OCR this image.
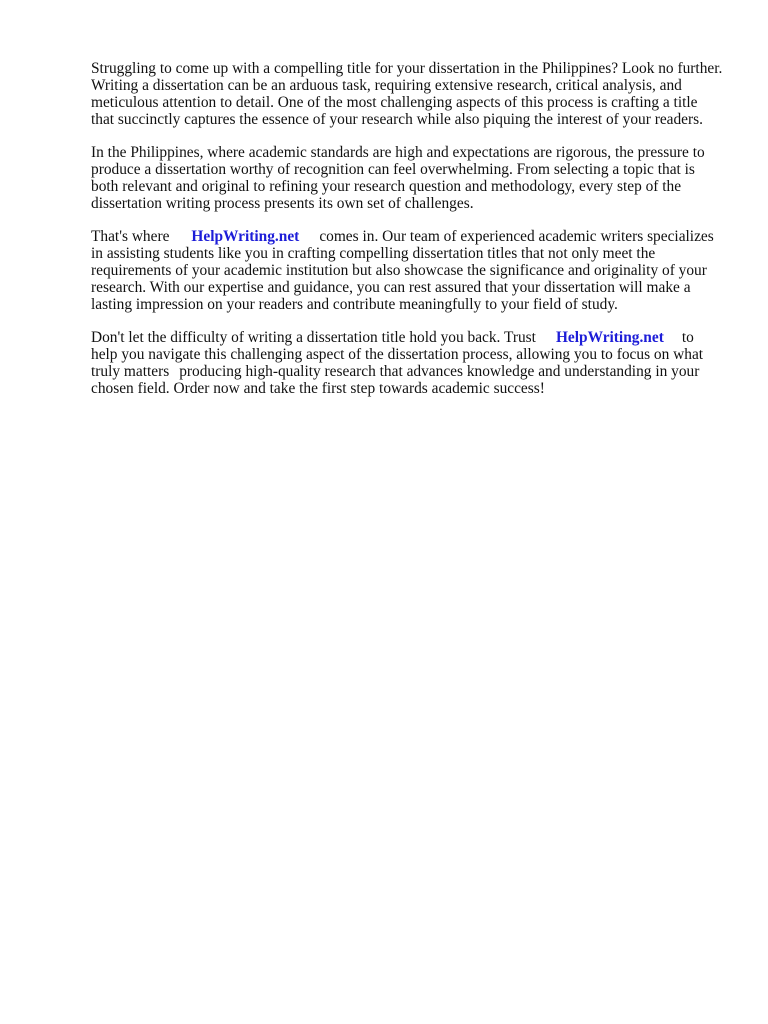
Struggling to come up with a compelling title for your dissertation in the Philippines? Look no further. Writing a dissertation can be an arduous task, requiring extensive research, critical analysis, and meticulous attention to detail. One of the most challenging aspects of this process is crafting a title that succinctly captures the essence of your research while also piquing the interest of your readers.

In the Philippines, where academic standards are high and expectations are rigorous, the pressure to produce a dissertation worthy of recognition can feel overwhelming. From selecting a topic that is both relevant and original to refining your research question and methodology, every step of the dissertation writing process presents its own set of challenges.

That's where HelpWriting.net comes in. Our team of experienced academic writers specializes in assisting students like you in crafting compelling dissertation titles that not only meet the requirements of your academic institution but also showcase the significance and originality of your research. With our expertise and guidance, you can rest assured that your dissertation will make a lasting impression on your readers and contribute meaningfully to your field of study.

Don't let the difficulty of writing a dissertation title hold you back. Trust HelpWriting.net to help you navigate this challenging aspect of the dissertation process, allowing you to focus on what truly matters producing high-quality research that advances knowledge and understanding in your chosen field. Order now and take the first step towards academic success!
